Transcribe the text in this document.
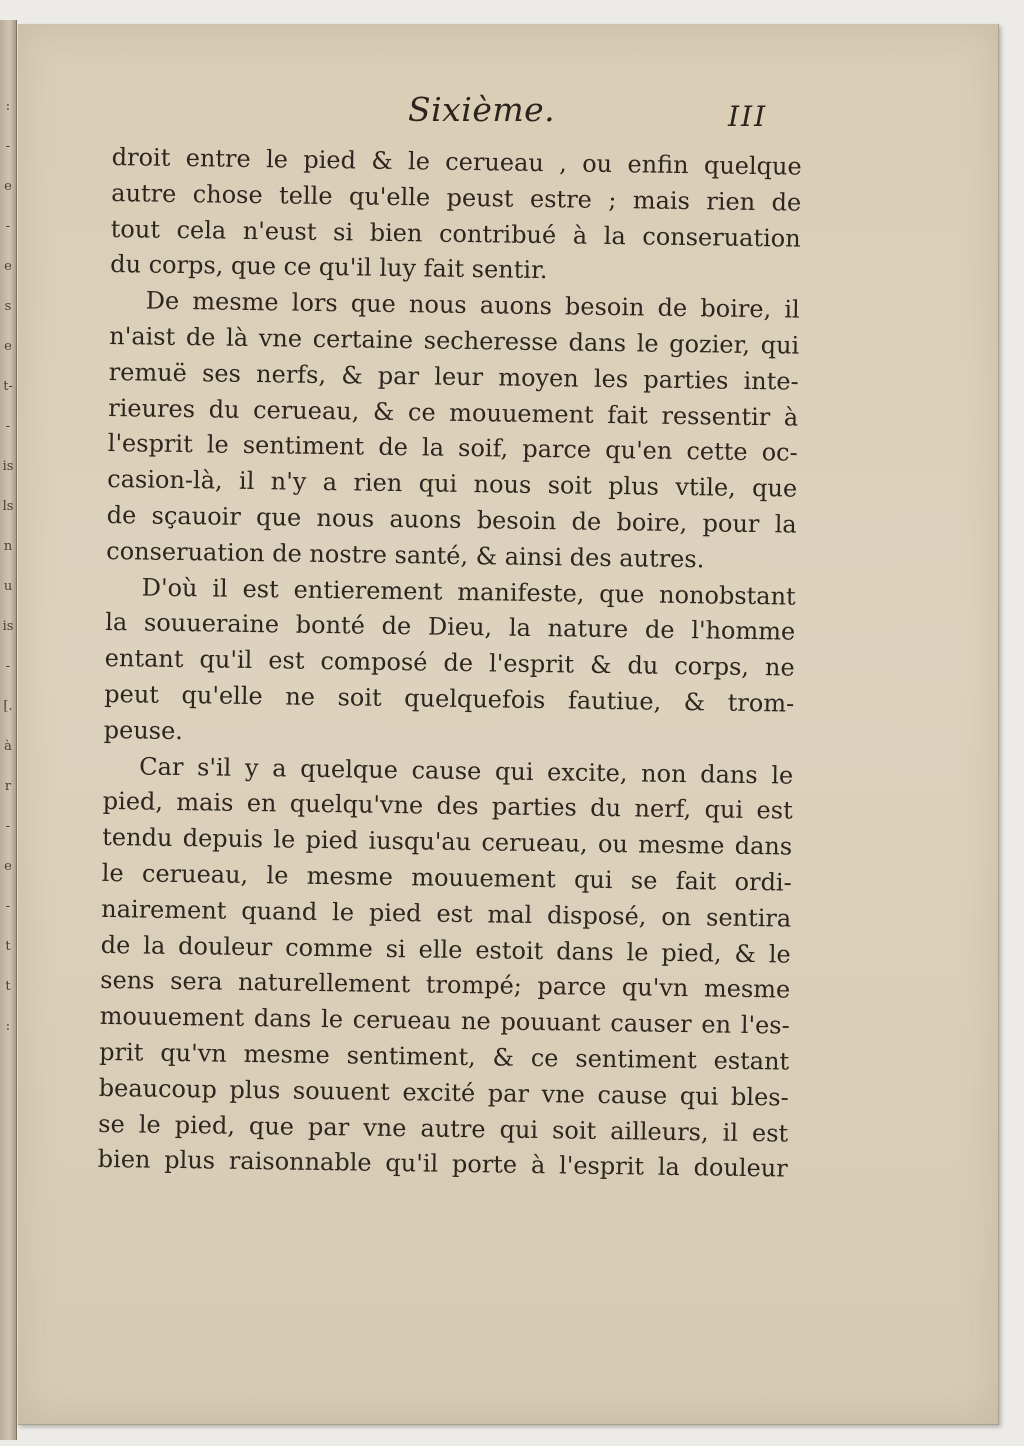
:
-
e
-
e
s
e
t-
-
is
ls
n
u
is
-
[.
à
r
-
e
-
t
t
:
Sixième.	III
droit entre le pied & le cerueau , ou enfin quelque
autre chose telle qu'elle peust estre ; mais rien de
tout cela n'eust si bien contribué à la conseruation
du corps, que ce qu'il luy fait sentir.
De mesme lors que nous auons besoin de boire, il
n'aist de là vne certaine secheresse dans le gozier, qui
remuë ses nerfs, & par leur moyen les parties inte-
rieures du cerueau, & ce mouuement fait ressentir à
l'esprit le sentiment de la soif, parce qu'en cette oc-
casion-là, il n'y a rien qui nous soit plus vtile, que
de sçauoir que nous auons besoin de boire, pour la
conseruation de nostre santé, & ainsi des autres.
D'où il est entierement manifeste, que nonobstant
la souueraine bonté de Dieu, la nature de l'homme
entant qu'il est composé de l'esprit & du corps, ne
peut qu'elle ne soit quelquefois fautiue, & trom-
peuse.
Car s'il y a quelque cause qui excite, non dans le
pied, mais en quelqu'vne des parties du nerf, qui est
tendu depuis le pied iusqu'au cerueau, ou mesme dans
le cerueau, le mesme mouuement qui se fait ordi-
nairement quand le pied est mal disposé, on sentira
de la douleur comme si elle estoit dans le pied, & le
sens sera naturellement trompé; parce qu'vn mesme
mouuement dans le cerueau ne pouuant causer en l'es-
prit qu'vn mesme sentiment, & ce sentiment estant
beaucoup plus souuent excité par vne cause qui bles-
se le pied, que par vne autre qui soit ailleurs, il est
bien plus raisonnable qu'il porte à l'esprit la douleur
